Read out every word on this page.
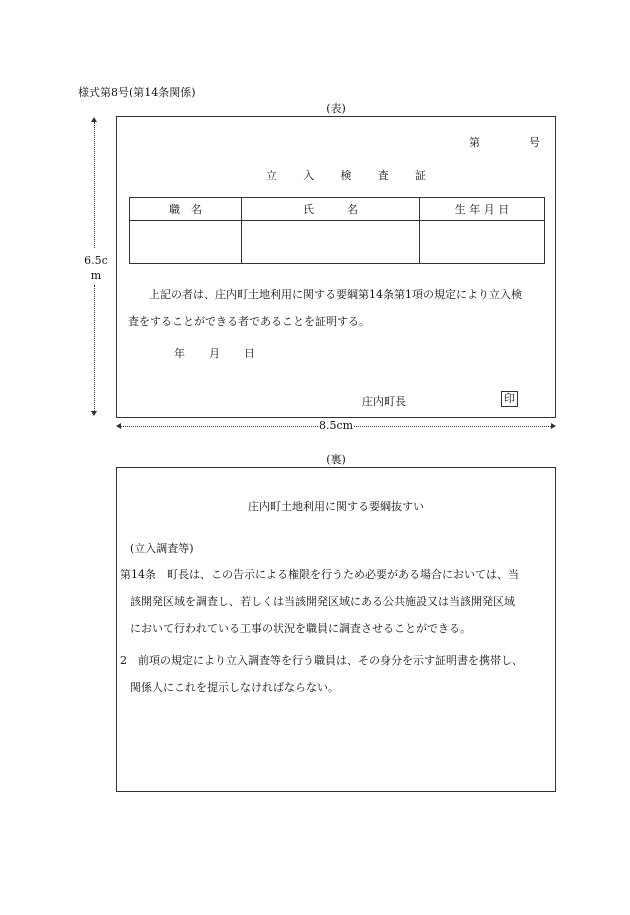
様式第8号(第14条関係)
(表)
6.5c
m
第	号
立 入 検 査 証
職　名	氏　　　名	生 年 月 日

上記の者は、庄内町土地利用に関する要綱第14条第1項の規定により立入検
査をすることができる者であることを証明する。
年 月 日
庄内町長	印
8.5cm
(裏)
庄内町土地利用に関する要綱抜すい
(立入調査等)
第14条　町長は、この告示による権限を行うため必要がある場合においては、当
該開発区域を調査し、若しくは当該開発区域にある公共施設又は当該開発区域
において行われている工事の状況を職員に調査させることができる。
2　前項の規定により立入調査等を行う職員は、その身分を示す証明書を携帯し、
関係人にこれを提示しなければならない。
